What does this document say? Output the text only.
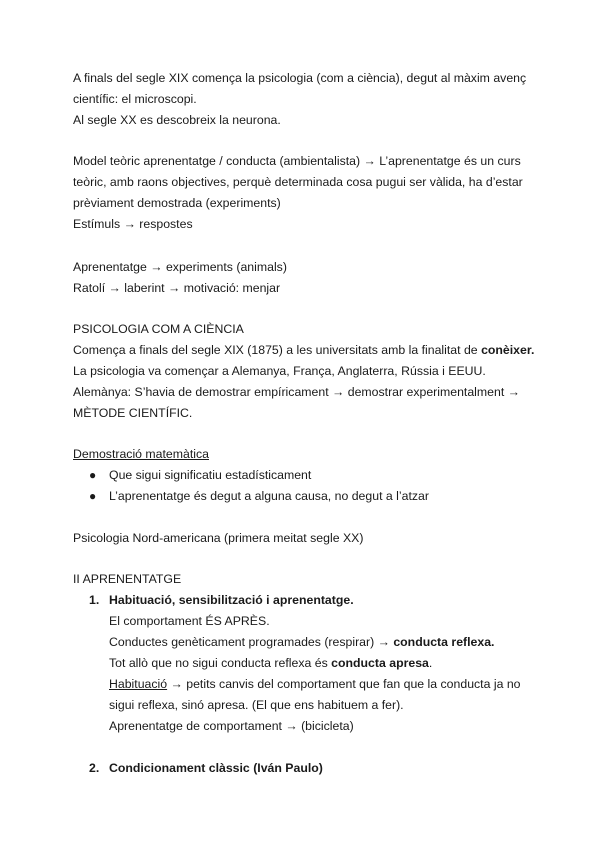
A finals del segle XIX comença la psicologia (com a ciència), degut al màxim avenç
científic: el microscopi.
Al segle XX es descobreix la neurona.
Model teòric aprenentatge / conducta (ambientalista) → L’aprenentatge és un curs
teòric, amb raons objectives, perquè determinada cosa pugui ser vàlida, ha d’estar
prèviament demostrada (experiments)
Estímuls → respostes
Aprenentatge → experiments (animals)
Ratolí → laberint → motivació: menjar
PSICOLOGIA COM A CIÈNCIA
Comença a finals del segle XIX (1875) a les universitats amb la finalitat de conèixer.
La psicologia va començar a Alemanya, França, Anglaterra, Rússia i EEUU.
Alemànya: S’havia de demostrar empíricament → demostrar experimentalment →
MÈTODE CIENTÍFIC.
Demostració matemàtica
● Que sigui significatiu estadísticament
● L’aprenentatge és degut a alguna causa, no degut a l’atzar
Psicologia Nord-americana (primera meitat segle XX)
II APRENENTATGE
1. Habituació, sensibilització i aprenentatge.
El comportament ÉS APRÈS.
Conductes genèticament programades (respirar) → conducta reflexa.
Tot allò que no sigui conducta reflexa és conducta apresa.
Habituació → petits canvis del comportament que fan que la conducta ja no
sigui reflexa, sinó apresa. (El que ens habituem a fer).
Aprenentatge de comportament → (bicicleta)
2. Condicionament clàssic (Iván Paulo)
